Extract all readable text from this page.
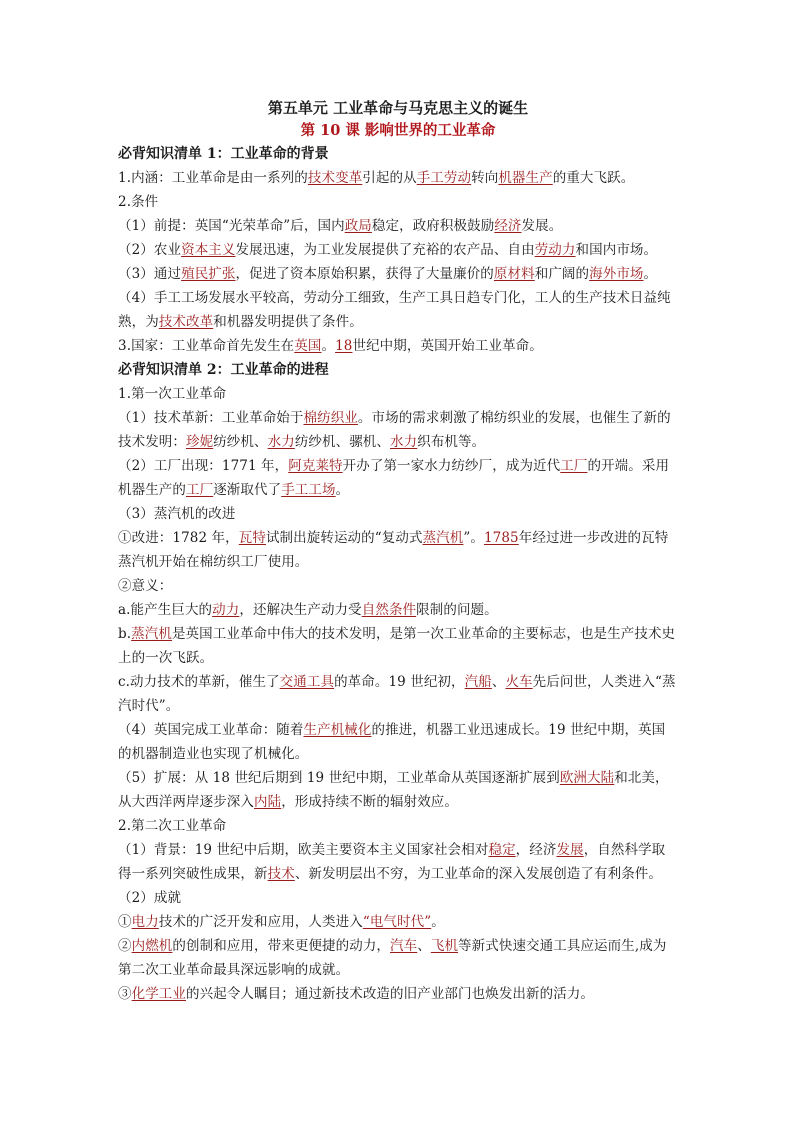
第五单元 工业革命与马克思主义的诞生
第 10 课 影响世界的工业革命
必背知识清单 1：工业革命的背景
1.内涵：工业革命是由一系列的技术变革引起的从手工劳动转向机器生产的重大飞跃。
2.条件
（1）前提：英国“光荣革命”后，国内政局稳定，政府积极鼓励经济发展。
（2）农业资本主义发展迅速，为工业发展提供了充裕的农产品、自由劳动力和国内市场。
（3）通过殖民扩张，促进了资本原始积累，获得了大量廉价的原材料和广阔的海外市场。
（4）手工工场发展水平较高，劳动分工细致，生产工具日趋专门化，工人的生产技术日益纯熟，为技术改革和机器发明提供了条件。
3.国家：工业革命首先发生在英国。18世纪中期，英国开始工业革命。
必背知识清单 2：工业革命的进程
1.第一次工业革命
（1）技术革新：工业革命始于棉纺织业。市场的需求刺激了棉纺织业的发展，也催生了新的技术发明：珍妮纺纱机、水力纺纱机、骡机、水力织布机等。
（2）工厂出现：1771 年，阿克莱特开办了第一家水力纺纱厂，成为近代工厂的开端。采用机器生产的工厂逐渐取代了手工工场。
（3）蒸汽机的改进
①改进：1782 年，瓦特试制出旋转运动的“复动式蒸汽机”。1785年经过进一步改进的瓦特蒸汽机开始在棉纺织工厂使用。
②意义：
a.能产生巨大的动力，还解决生产动力受自然条件限制的问题。
b.蒸汽机是英国工业革命中伟大的技术发明，是第一次工业革命的主要标志，也是生产技术史上的一次飞跃。
c.动力技术的革新，催生了交通工具的革命。19 世纪初，汽船、火车先后问世，人类进入“蒸汽时代”。
（4）英国完成工业革命：随着生产机械化的推进，机器工业迅速成长。19 世纪中期，英国的机器制造业也实现了机械化。
（5）扩展：从 18 世纪后期到 19 世纪中期，工业革命从英国逐渐扩展到欧洲大陆和北美，从大西洋两岸逐步深入内陆，形成持续不断的辐射效应。
2.第二次工业革命
（1）背景：19 世纪中后期，欧美主要资本主义国家社会相对稳定，经济发展，自然科学取得一系列突破性成果，新技术、新发明层出不穷，为工业革命的深入发展创造了有利条件。
（2）成就
①电力技术的广泛开发和应用，人类进入“电气时代”。
②内燃机的创制和应用，带来更便捷的动力，汽车、飞机等新式快速交通工具应运而生,成为第二次工业革命最具深远影响的成就。
③化学工业的兴起令人瞩目；通过新技术改造的旧产业部门也焕发出新的活力。
